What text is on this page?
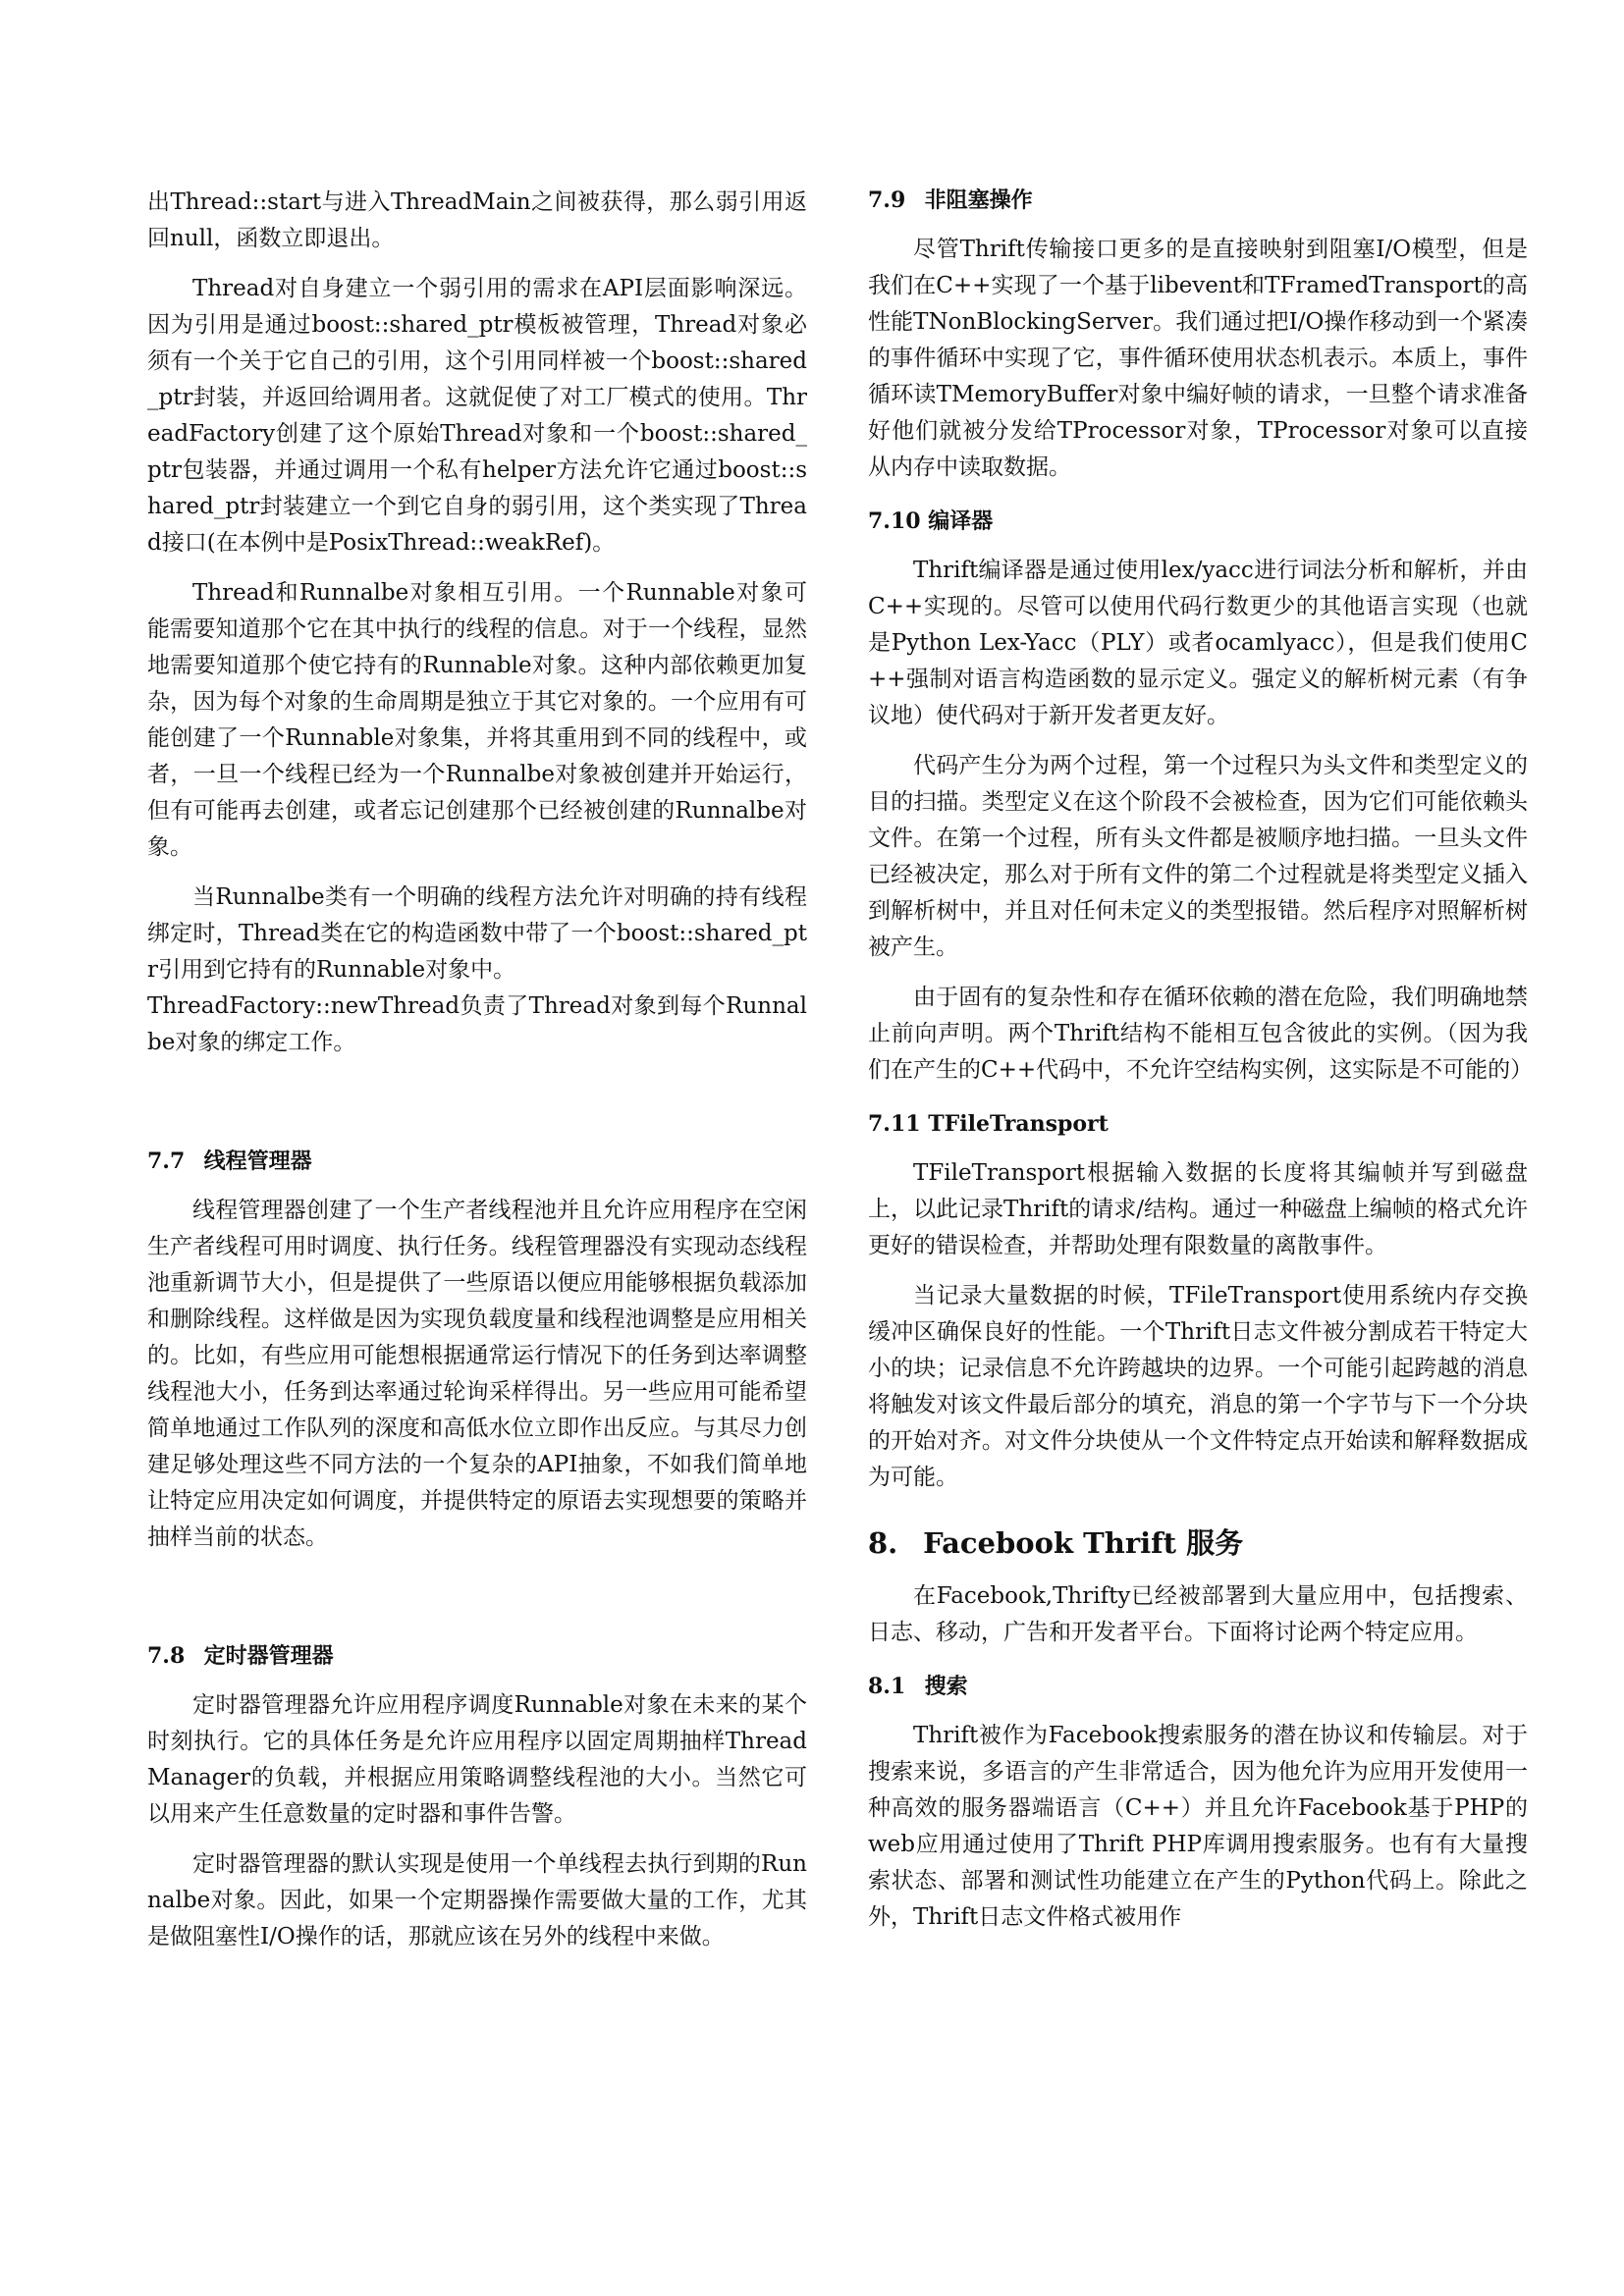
出Thread::start与进入ThreadMain之间被获得，那么弱引用返回null，函数立即退出。

Thread对自身建立一个弱引用的需求在API层面影响深远。因为引用是通过boost::shared_ptr模板被管理，Thread对象必须有一个关于它自己的引用，这个引用同样被一个boost::shared_ptr封装，并返回给调用者。这就促使了对工厂模式的使用。ThreadFactory创建了这个原始Thread对象和一个boost::shared_ptr包装器，并通过调用一个私有helper方法允许它通过boost::shared_ptr封装建立一个到它自身的弱引用，这个类实现了Thread接口(在本例中是PosixThread::weakRef)。

Thread和Runnalbe对象相互引用。一个Runnable对象可能需要知道那个它在其中执行的线程的信息。对于一个线程，显然地需要知道那个使它持有的Runnable对象。这种内部依赖更加复杂，因为每个对象的生命周期是独立于其它对象的。一个应用有可能创建了一个Runnable对象集，并将其重用到不同的线程中，或者，一旦一个线程已经为一个Runnalbe对象被创建并开始运行，但有可能再去创建，或者忘记创建那个已经被创建的Runnalbe对象。

当Runnalbe类有一个明确的线程方法允许对明确的持有线程绑定时，Thread类在它的构造函数中带了一个boost::shared_ptr引用到它持有的Runnable对象中。

ThreadFactory::newThread负责了Thread对象到每个Runnalbe对象的绑定工作。

7.7 线程管理器

线程管理器创建了一个生产者线程池并且允许应用程序在空闲生产者线程可用时调度、执行任务。线程管理器没有实现动态线程池重新调节大小，但是提供了一些原语以便应用能够根据负载添加和删除线程。这样做是因为实现负载度量和线程池调整是应用相关的。比如，有些应用可能想根据通常运行情况下的任务到达率调整线程池大小，任务到达率通过轮询采样得出。另一些应用可能希望简单地通过工作队列的深度和高低水位立即作出反应。与其尽力创建足够处理这些不同方法的一个复杂的API抽象，不如我们简单地让特定应用决定如何调度，并提供特定的原语去实现想要的策略并抽样当前的状态。

7.8 定时器管理器

定时器管理器允许应用程序调度Runnable对象在未来的某个时刻执行。它的具体任务是允许应用程序以固定周期抽样ThreadManager的负载，并根据应用策略调整线程池的大小。当然它可以用来产生任意数量的定时器和事件告警。

定时器管理器的默认实现是使用一个单线程去执行到期的Runnalbe对象。因此，如果一个定期器操作需要做大量的工作，尤其是做阻塞性I/O操作的话，那就应该在另外的线程中来做。

7.9 非阻塞操作

尽管Thrift传输接口更多的是直接映射到阻塞I/O模型，但是我们在C++实现了一个基于libevent和TFramedTransport的高性能TNonBlockingServer。我们通过把I/O操作移动到一个紧凑的事件循环中实现了它，事件循环使用状态机表示。本质上，事件循环读TMemoryBuffer对象中编好帧的请求，一旦整个请求准备好他们就被分发给TProcessor对象，TProcessor对象可以直接从内存中读取数据。

7.10 编译器

Thrift编译器是通过使用lex/yacc进行词法分析和解析，并由C++实现的。尽管可以使用代码行数更少的其他语言实现（也就是Python Lex-Yacc（PLY）或者ocamlyacc），但是我们使用C++强制对语言构造函数的显示定义。强定义的解析树元素（有争议地）使代码对于新开发者更友好。

代码产生分为两个过程，第一个过程只为头文件和类型定义的目的扫描。类型定义在这个阶段不会被检查，因为它们可能依赖头文件。在第一个过程，所有头文件都是被顺序地扫描。一旦头文件已经被决定，那么对于所有文件的第二个过程就是将类型定义插入到解析树中，并且对任何未定义的类型报错。然后程序对照解析树被产生。

由于固有的复杂性和存在循环依赖的潜在危险，我们明确地禁止前向声明。两个Thrift结构不能相互包含彼此的实例。（因为我们在产生的C++代码中，不允许空结构实例，这实际是不可能的）

7.11 TFileTransport

TFileTransport根据输入数据的长度将其编帧并写到磁盘上，以此记录Thrift的请求/结构。通过一种磁盘上编帧的格式允许更好的错误检查，并帮助处理有限数量的离散事件。

当记录大量数据的时候，TFileTransport使用系统内存交换缓冲区确保良好的性能。一个Thrift日志文件被分割成若干特定大小的块；记录信息不允许跨越块的边界。一个可能引起跨越的消息将触发对该文件最后部分的填充，消息的第一个字节与下一个分块的开始对齐。对文件分块使从一个文件特定点开始读和解释数据成为可能。

8. Facebook Thrift 服务

在Facebook,Thrifty已经被部署到大量应用中，包括搜索、日志、移动，广告和开发者平台。下面将讨论两个特定应用。

8.1 搜索

Thrift被作为Facebook搜索服务的潜在协议和传输层。对于搜索来说，多语言的产生非常适合，因为他允许为应用开发使用一种高效的服务器端语言（C++）并且允许Facebook基于PHP的web应用通过使用了Thrift PHP库调用搜索服务。也有有大量搜索状态、部署和测试性功能建立在产生的Python代码上。除此之外，Thrift日志文件格式被用作
